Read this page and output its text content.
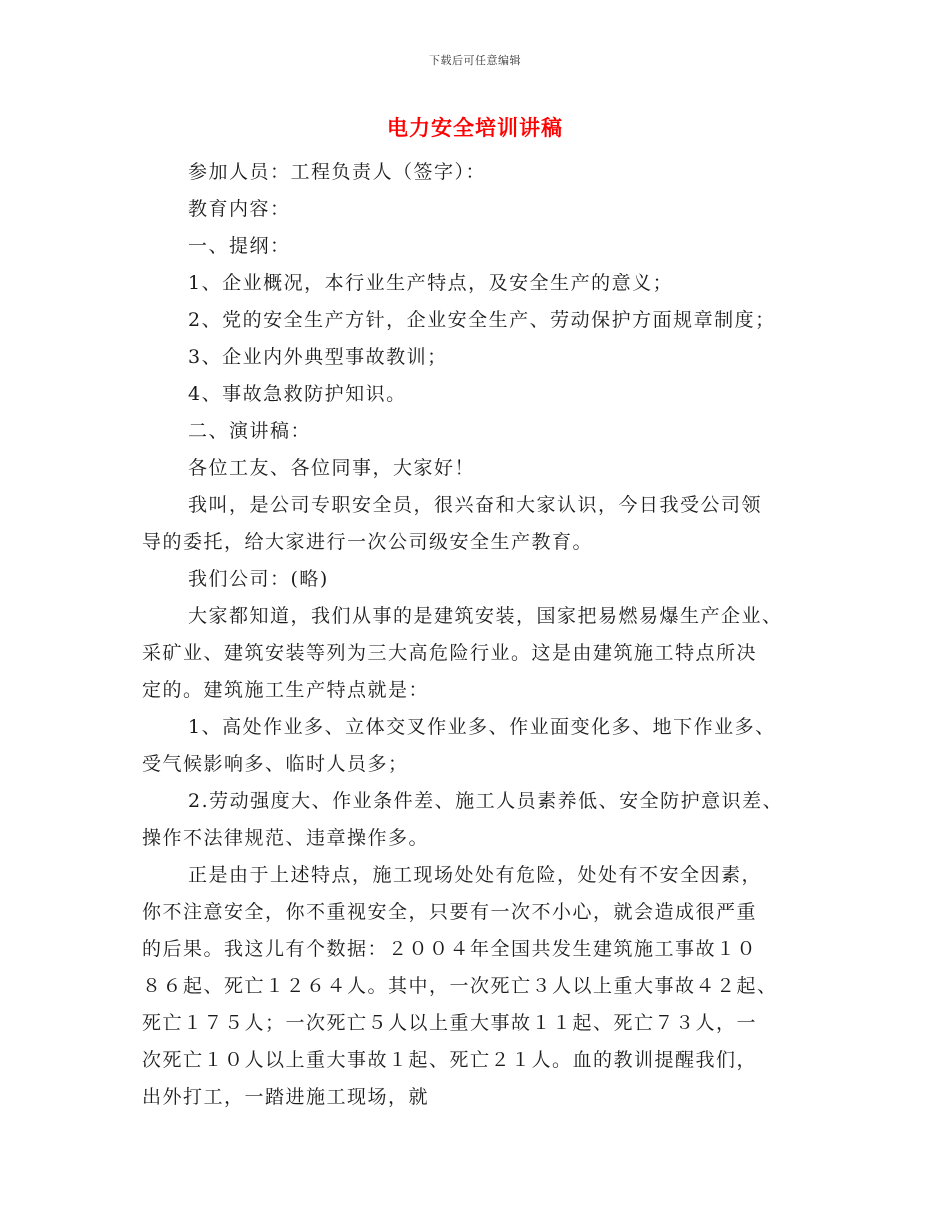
下载后可任意编辑
电力安全培训讲稿

参加人员：工程负责人（签字）：

教育内容：

一、提纲：

1、企业概况，本行业生产特点，及安全生产的意义；

2、党的安全生产方针，企业安全生产、劳动保护方面规章制度；

3、企业内外典型事故教训；

4、事故急救防护知识。

二、演讲稿：

各位工友、各位同事，大家好！

我叫，是公司专职安全员，很兴奋和大家认识，今日我受公司领
导的委托，给大家进行一次公司级安全生产教育。

我们公司：(略)

大家都知道，我们从事的是建筑安装，国家把易燃易爆生产企业、
采矿业、建筑安装等列为三大高危险行业。这是由建筑施工特点所决
定的。建筑施工生产特点就是：

1、高处作业多、立体交叉作业多、作业面变化多、地下作业多、
受气候影响多、临时人员多；

2.劳动强度大、作业条件差、施工人员素养低、安全防护意识差、
操作不法律规范、违章操作多。

正是由于上述特点，施工现场处处有危险，处处有不安全因素，
你不注意安全，你不重视安全，只要有一次不小心，就会造成很严重
的后果。我这儿有个数据：２００４年全国共发生建筑施工事故１０
８６起、死亡１２６４人。其中，一次死亡３人以上重大事故４２起、
死亡１７５人；一次死亡５人以上重大事故１１起、死亡７３人，一
次死亡１０人以上重大事故１起、死亡２１人。血的教训提醒我们，
出外打工，一踏进施工现场，就
